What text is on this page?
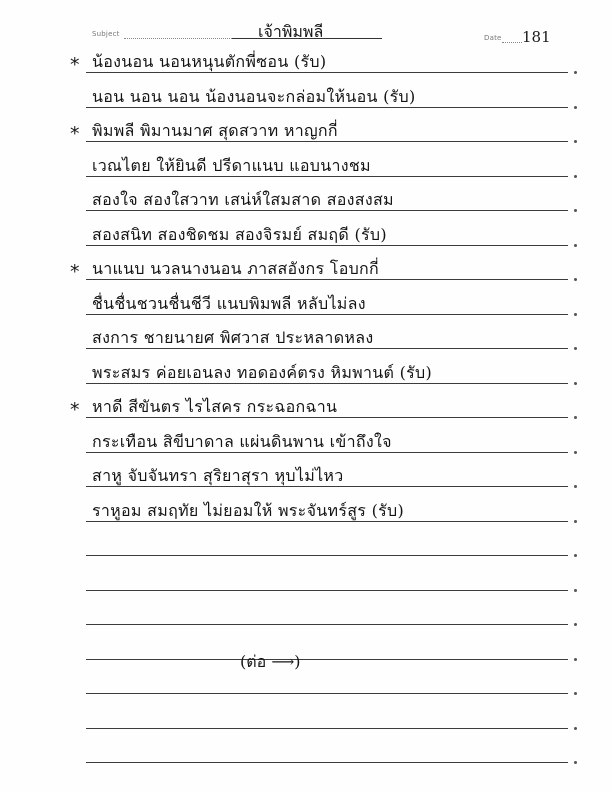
Subject	เจ้าพิมพลี	Date 181
* น้องนอน นอนหนุนตักพี่ซอน (รับ)
นอน นอน นอน น้องนอนจะกล่อมให้นอน (รับ)
* พิมพลี พิมานมาศ สุดสวาท หาญกกี่
เวณไตย ให้ยินดี ปรีดาแนบ แอบนางชม
สองใจ สองใสวาท เสน่ห์ใสมสาด สองสงสม
สองสนิท สองชิดชม สองจิรมย์ สมฤดี (รับ)
* นาแนบ นวลนางนอน ภาสสอังกร โอบกกี่
ชื่นชื่นชวนชื่นชีวี แนบพิมพลี หลับไม่ลง
สงการ ชายนายศ พิศวาส ประหลาดหลง
พระสมร ค่อยเอนลง ทอดองค์ตรง หิมพานต์ (รับ)
* หาดี สีขันตร ไรไสคร กระฉอกฉาน
กระเทือน สิขีบาดาล แผ่นดินพาน เข้าถึงใจ
สาหู จับจันทรา สุริยาสุรา หุบไม่ไหว
ราหูอม สมฤทัย ไม่ยอมให้ พระจันทร์สูร (รับ)
(ต่อ ⟶)
